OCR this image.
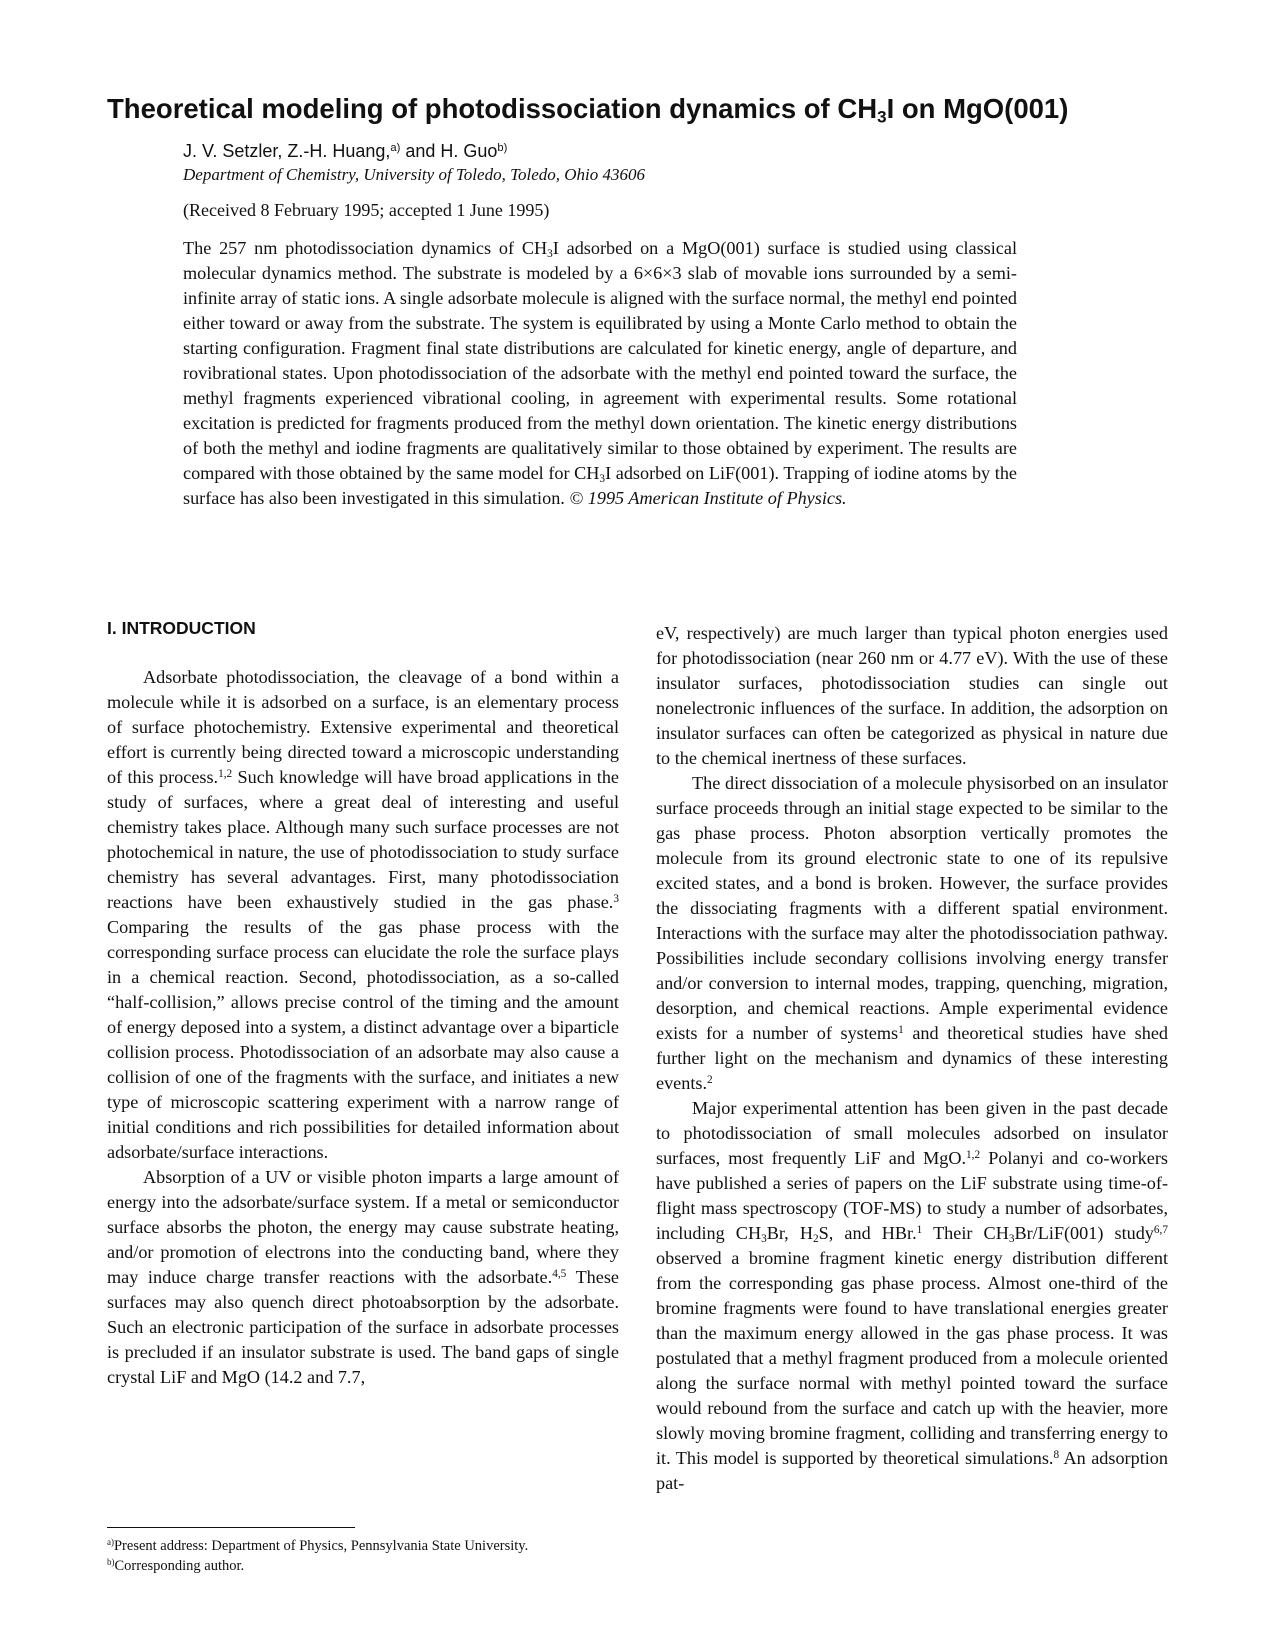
Theoretical modeling of photodissociation dynamics of $CH_3I$ on MgO(001)
J. V. Setzler, Z.-H. Huang,$^{a)}$ and H. Guo$^{b)}$
Department of Chemistry, University of Toledo, Toledo, Ohio 43606
(Received 8 February 1995; accepted 1 June 1995)

The 257 nm photodissociation dynamics of $CH_3I$ adsorbed on a MgO(001) surface is studied using classical molecular dynamics method. The substrate is modeled by a 6×6×3 slab of movable ions surrounded by a semi-infinite array of static ions. A single adsorbate molecule is aligned with the surface normal, the methyl end pointed either toward or away from the substrate. The system is equilibrated by using a Monte Carlo method to obtain the starting configuration. Fragment final state distributions are calculated for kinetic energy, angle of departure, and rovibrational states. Upon photodissociation of the adsorbate with the methyl end pointed toward the surface, the methyl fragments experienced vibrational cooling, in agreement with experimental results. Some rotational excitation is predicted for fragments produced from the methyl down orientation. The kinetic energy distributions of both the methyl and iodine fragments are qualitatively similar to those obtained by experiment. The results are compared with those obtained by the same model for $CH_3I$ adsorbed on LiF(001). Trapping of iodine atoms by the surface has also been investigated in this simulation. © 1995 American Institute of Physics.

I. INTRODUCTION

Adsorbate photodissociation, the cleavage of a bond within a molecule while it is adsorbed on a surface, is an elementary process of surface photochemistry. Extensive experimental and theoretical effort is currently being directed toward a microscopic understanding of this process.$^{1,2}$ Such knowledge will have broad applications in the study of surfaces, where a great deal of interesting and useful chemistry takes place. Although many such surface processes are not photochemical in nature, the use of photodissociation to study surface chemistry has several advantages. First, many photodissociation reactions have been exhaustively studied in the gas phase.$^3$ Comparing the results of the gas phase process with the corresponding surface process can elucidate the role the surface plays in a chemical reaction. Second, photodissociation, as a so-called “half-collision,” allows precise control of the timing and the amount of energy deposed into a system, a distinct advantage over a biparticle collision process. Photodissociation of an adsorbate may also cause a collision of one of the fragments with the surface, and initiates a new type of microscopic scattering experiment with a narrow range of initial conditions and rich possibilities for detailed information about adsorbate/surface interactions.

Absorption of a UV or visible photon imparts a large amount of energy into the adsorbate/surface system. If a metal or semiconductor surface absorbs the photon, the energy may cause substrate heating, and/or promotion of electrons into the conducting band, where they may induce charge transfer reactions with the adsorbate.$^{4,5}$ These surfaces may also quench direct photoabsorption by the adsorbate. Such an electronic participation of the surface in adsorbate processes is precluded if an insulator substrate is used. The band gaps of single crystal LiF and MgO (14.2 and 7.7,

eV, respectively) are much larger than typical photon energies used for photodissociation (near 260 nm or 4.77 eV). With the use of these insulator surfaces, photodissociation studies can single out nonelectronic influences of the surface. In addition, the adsorption on insulator surfaces can often be categorized as physical in nature due to the chemical inertness of these surfaces.

The direct dissociation of a molecule physisorbed on an insulator surface proceeds through an initial stage expected to be similar to the gas phase process. Photon absorption vertically promotes the molecule from its ground electronic state to one of its repulsive excited states, and a bond is broken. However, the surface provides the dissociating fragments with a different spatial environment. Interactions with the surface may alter the photodissociation pathway. Possibilities include secondary collisions involving energy transfer and/or conversion to internal modes, trapping, quenching, migration, desorption, and chemical reactions. Ample experimental evidence exists for a number of systems$^1$ and theoretical studies have shed further light on the mechanism and dynamics of these interesting events.$^2$

Major experimental attention has been given in the past decade to photodissociation of small molecules adsorbed on insulator surfaces, most frequently LiF and MgO.$^{1,2}$ Polanyi and co-workers have published a series of papers on the LiF substrate using time-of-flight mass spectroscopy (TOF-MS) to study a number of adsorbates, including $CH_3Br$, $H_2S$, and HBr.$^1$ Their $CH_3Br/LiF(001)$ study$^{6,7}$ observed a bromine fragment kinetic energy distribution different from the corresponding gas phase process. Almost one-third of the bromine fragments were found to have translational energies greater than the maximum energy allowed in the gas phase process. It was postulated that a methyl fragment produced from a molecule oriented along the surface normal with methyl pointed toward the surface would rebound from the surface and catch up with the heavier, more slowly moving bromine fragment, colliding and transferring energy to it. This model is supported by theoretical simulations.$^8$ An adsorption pat-

$^{a)}$Present address: Department of Physics, Pennsylvania State University.

$^{b)}$Corresponding author.
